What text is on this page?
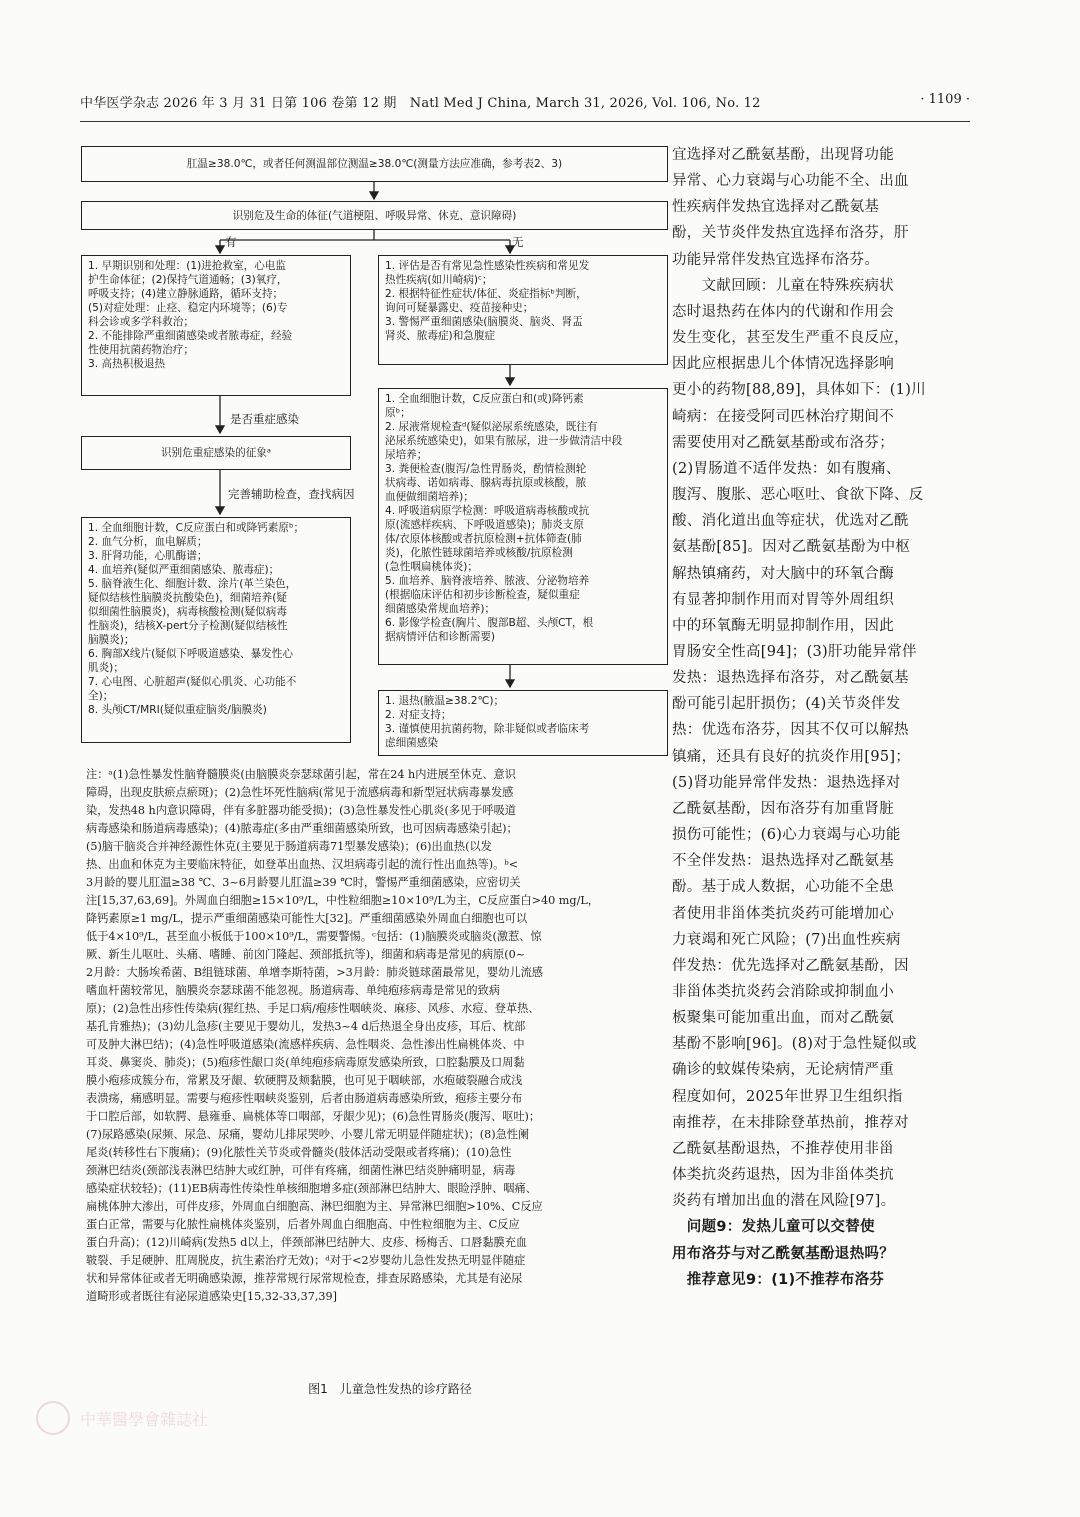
中华医学杂志 2026 年 3 月 31 日第 106 卷第 12 期　Natl Med J China, March 31, 2026, Vol. 106, No. 12	· 1109 ·
肛温≥38.0℃，或者任何测温部位测温≥38.0℃(测量方法应准确，参考表2、3)
识别危及生命的体征(气道梗阻、呼吸异常、休克、意识障碍)
有	无
1. 早期识别和处理：(1)进抢救室，心电监
护生命体征；(2)保持气道通畅；(3)氧疗，
呼吸支持；(4)建立静脉通路，循环支持；
(5)对症处理：止痉、稳定内环境等；(6)专
科会诊或多学科救治；
2. 不能排除严重细菌感染或者脓毒症，经验
性使用抗菌药物治疗；
3. 高热积极退热
是否重症感染
识别危重症感染的征象ᵃ
完善辅助检查，查找病因
1. 全血细胞计数，C反应蛋白和或降钙素原ᵇ；
2. 血气分析，血电解质；
3. 肝肾功能，心肌酶谱；
4. 血培养(疑似严重细菌感染、脓毒症)；
5. 脑脊液生化、细胞计数、涂片(革兰染色，
疑似结核性脑膜炎抗酸染色)，细菌培养(疑
似细菌性脑膜炎)，病毒核酸检测(疑似病毒
性脑炎)，结核X-pert分子检测(疑似结核性
脑膜炎)；
6. 胸部X线片(疑似下呼吸道感染、暴发性心
肌炎)；
7. 心电图、心脏超声(疑似心肌炎、心功能不
全)；
8. 头颅CT/MRI(疑似重症脑炎/脑膜炎)
1. 评估是否有常见急性感染性疾病和常见发
热性疾病(如川崎病)ᶜ；
2. 根据特征性症状/体征、炎症指标ᵇ判断，
询问可疑暴露史、疫苗接种史；
3. 警惕严重细菌感染(脑膜炎、脑炎、肾盂
肾炎、脓毒症)和急腹症
1. 全血细胞计数，C反应蛋白和(或)降钙素
原ᵇ；
2. 尿液常规检查ᵈ(疑似泌尿系统感染，既往有
泌尿系统感染史)，如果有脓尿，进一步做清洁中段
尿培养；
3. 粪便检查(腹泻/急性胃肠炎，酌情检测轮
状病毒、诺如病毒、腺病毒抗原或核酸，脓
血便做细菌培养)；
4. 呼吸道病原学检测：呼吸道病毒核酸或抗
原(流感样疾病、下呼吸道感染)；肺炎支原
体/衣原体核酸或者抗原检测+抗体筛查(肺
炎)，化脓性链球菌培养或核酸/抗原检测
(急性咽扁桃体炎)；
5. 血培养、脑脊液培养、脓液、分泌物培养
(根据临床评估和初步诊断检查，疑似重症
细菌感染常规血培养)；
6. 影像学检查(胸片、腹部B超、头颅CT，根
据病情评估和诊断需要)
1. 退热(腋温≥38.2℃)；
2. 对症支持；
3. 谨慎使用抗菌药物，除非疑似或者临床考
虑细菌感染
注：ᵃ(1)急性暴发性脑脊髓膜炎(由脑膜炎奈瑟球菌引起，常在24 h内进展至休克、意识
障碍，出现皮肤瘀点瘀斑)；(2)急性坏死性脑病(常见于流感病毒和新型冠状病毒暴发感
染，发热48 h内意识障碍，伴有多脏器功能受损)；(3)急性暴发性心肌炎(多见于呼吸道
病毒感染和肠道病毒感染)；(4)脓毒症(多由严重细菌感染所致，也可因病毒感染引起)；
(5)脑干脑炎合并神经源性休克(主要见于肠道病毒71型暴发感染)；(6)出血热(以发
热、出血和休克为主要临床特征，如登革出血热、汉坦病毒引起的流行性出血热等)。ᵇ<
3月龄的婴儿肛温≥38 ℃、3~6月龄婴儿肛温≥39 ℃时，警惕严重细菌感染，应密切关
注[15,37,63,69]。外周血白细胞≥15×10⁹/L，中性粒细胞≥10×10⁹/L为主，C反应蛋白>40 mg/L，
降钙素原≥1 mg/L，提示严重细菌感染可能性大[32]。严重细菌感染外周血白细胞也可以
低于4×10⁹/L，甚至血小板低于100×10⁹/L，需要警惕。ᶜ包括：(1)脑膜炎或脑炎(激惹、惊
厥、新生儿呕吐、头痛、嗜睡、前囟门隆起、颈部抵抗等)，细菌和病毒是常见的病原(0~
2月龄：大肠埃希菌、B组链球菌、单增李斯特菌，>3月龄：肺炎链球菌最常见，婴幼儿流感
嗜血杆菌较常见，脑膜炎奈瑟球菌不能忽视。肠道病毒、单纯疱疹病毒是常见的致病
原)；(2)急性出疹性传染病(猩红热、手足口病/疱疹性咽峡炎、麻疹、风疹、水痘、登革热、
基孔肯雅热)；(3)幼儿急疹(主要见于婴幼儿，发热3~4 d后热退全身出皮疹，耳后、枕部
可及肿大淋巴结)；(4)急性呼吸道感染(流感样疾病、急性咽炎、急性渗出性扁桃体炎、中
耳炎、鼻窦炎、肺炎)；(5)疱疹性龈口炎(单纯疱疹病毒原发感染所致，口腔黏膜及口周黏
膜小疱疹成簇分布，常累及牙龈、软硬腭及颊黏膜，也可见于咽峡部，水疱破裂融合成浅
表溃疡，痛感明显。需要与疱疹性咽峡炎鉴别，后者由肠道病毒感染所致，疱疹主要分布
于口腔后部，如软腭、悬雍垂、扁桃体等口咽部，牙龈少见)；(6)急性胃肠炎(腹泻、呕吐)；
(7)尿路感染(尿频、尿急、尿痛，婴幼儿排尿哭吵、小婴儿常无明显伴随症状)；(8)急性阑
尾炎(转移性右下腹痛)；(9)化脓性关节炎或骨髓炎(肢体活动受限或者疼痛)；(10)急性
颈淋巴结炎(颈部浅表淋巴结肿大或红肿，可伴有疼痛，细菌性淋巴结炎肿痛明显，病毒
感染症状较轻)；(11)EB病毒性传染性单核细胞增多症(颈部淋巴结肿大、眼睑浮肿、咽痛、
扁桃体肿大渗出，可伴皮疹，外周血白细胞高、淋巴细胞为主、异常淋巴细胞>10%、C反应
蛋白正常，需要与化脓性扁桃体炎鉴别，后者外周血白细胞高、中性粒细胞为主、C反应
蛋白升高)；(12)川崎病(发热5 d以上，伴颈部淋巴结肿大、皮疹、杨梅舌、口唇黏膜充血
皲裂、手足硬肿、肛周脱皮，抗生素治疗无效)；ᵈ对于<2岁婴幼儿急性发热无明显伴随症
状和异常体征或者无明确感染源，推荐常规行尿常规检查，排查尿路感染，尤其是有泌尿
道畸形或者既往有泌尿道感染史[15,32-33,37,39]
图1　儿童急性发热的诊疗路径
宜选择对乙酰氨基酚，出现肾功能
异常、心力衰竭与心功能不全、出血
性疾病伴发热宜选择对乙酰氨基
酚，关节炎伴发热宜选择布洛芬，肝
功能异常伴发热宜选择布洛芬。
　　文献回顾：儿童在特殊疾病状
态时退热药在体内的代谢和作用会
发生变化，甚至发生严重不良反应，
因此应根据患儿个体情况选择影响
更小的药物[88,89]，具体如下：(1)川
崎病：在接受阿司匹林治疗期间不
需要使用对乙酰氨基酚或布洛芬；
(2)胃肠道不适伴发热：如有腹痛、
腹泻、腹胀、恶心呕吐、食欲下降、反
酸、消化道出血等症状，优选对乙酰
氨基酚[85]。因对乙酰氨基酚为中枢
解热镇痛药，对大脑中的环氧合酶
有显著抑制作用而对胃等外周组织
中的环氧酶无明显抑制作用，因此
胃肠安全性高[94]；(3)肝功能异常伴
发热：退热选择布洛芬，对乙酰氨基
酚可能引起肝损伤；(4)关节炎伴发
热：优选布洛芬，因其不仅可以解热
镇痛，还具有良好的抗炎作用[95]；
(5)肾功能异常伴发热：退热选择对
乙酰氨基酚，因布洛芬有加重肾脏
损伤可能性；(6)心力衰竭与心功能
不全伴发热：退热选择对乙酰氨基
酚。基于成人数据，心功能不全患
者使用非甾体类抗炎药可能增加心
力衰竭和死亡风险；(7)出血性疾病
伴发热：优先选择对乙酰氨基酚，因
非甾体类抗炎药会消除或抑制血小
板聚集可能加重出血，而对乙酰氨
基酚不影响[96]。(8)对于急性疑似或
确诊的蚊媒传染病，无论病情严重
程度如何，2025年世界卫生组织指
南推荐，在未排除登革热前，推荐对
乙酰氨基酚退热，不推荐使用非甾
体类抗炎药退热，因为非甾体类抗
炎药有增加出血的潜在风险[97]。
　问题9：发热儿童可以交替使
用布洛芬与对乙酰氨基酚退热吗？
　推荐意见9：(1)不推荐布洛芬
中華醫學會雜誌社
